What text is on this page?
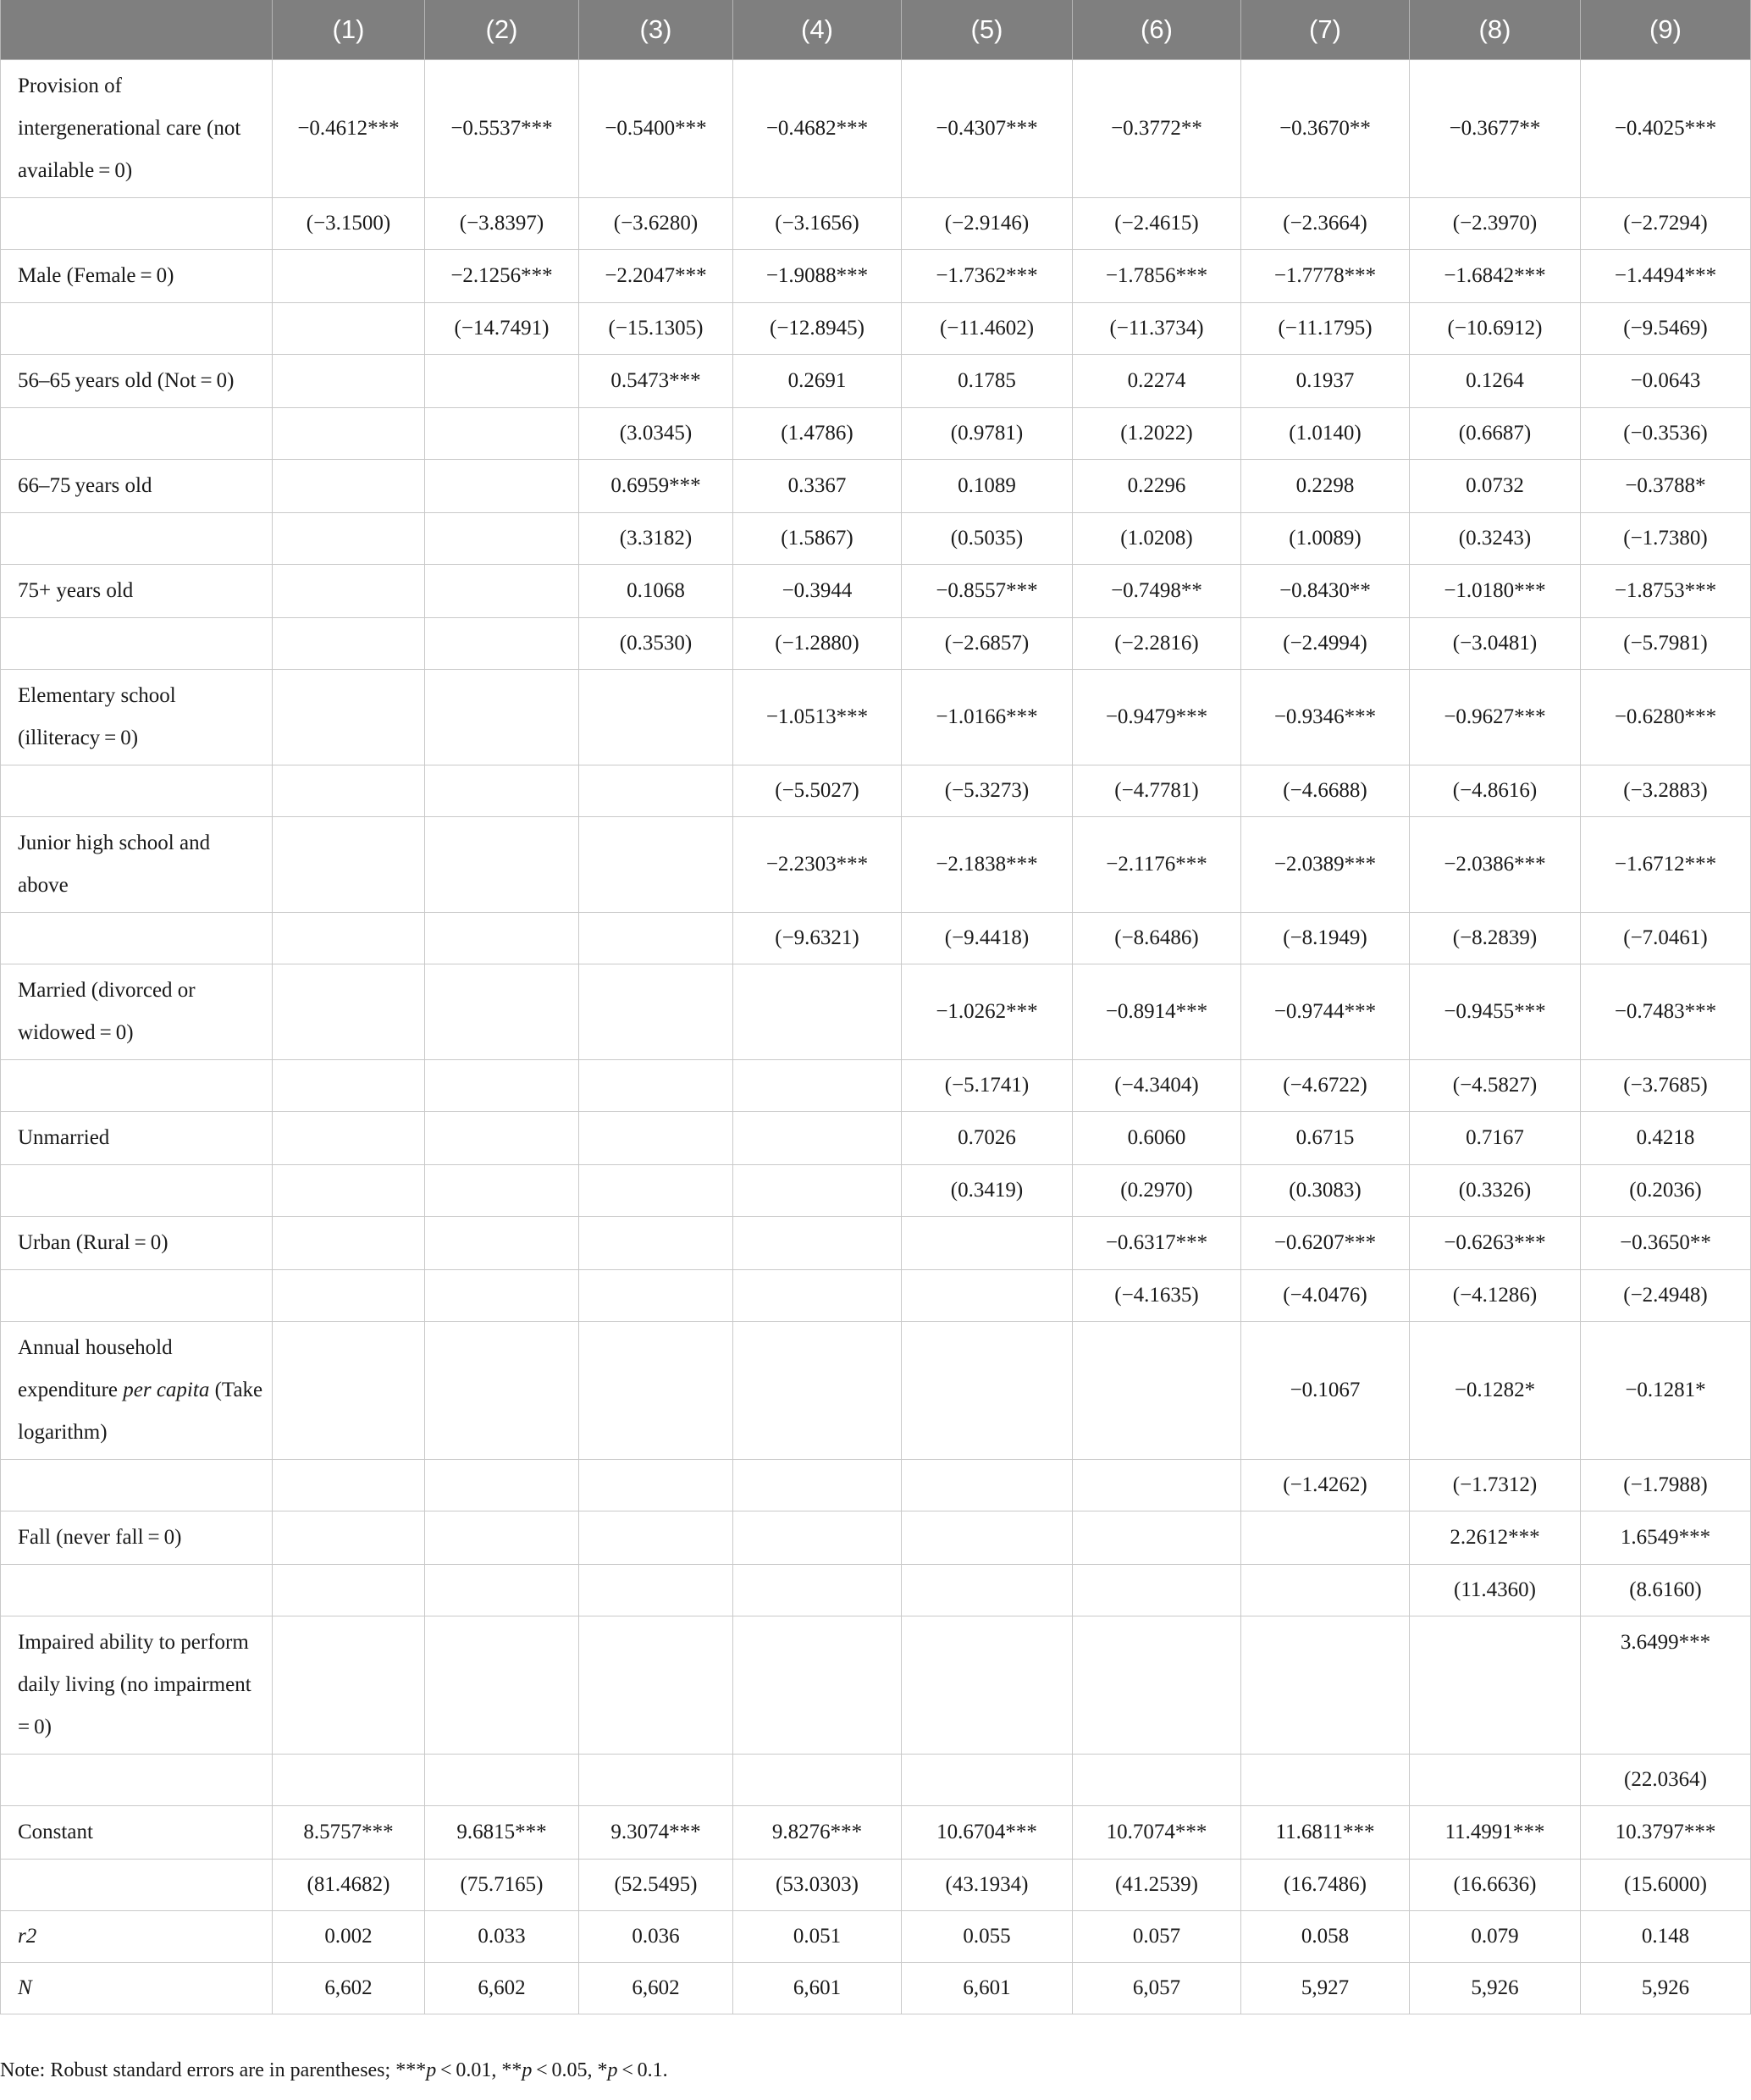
	(1)	(2)	(3)	(4)	(5)	(6)	(7)	(8)	(9)
Provision of intergenerational care (not available = 0)	−0.4612***	−0.5537***	−0.5400***	−0.4682***	−0.4307***	−0.3772**	−0.3670**	−0.3677**	−0.4025***
	(−3.1500)	(−3.8397)	(−3.6280)	(−3.1656)	(−2.9146)	(−2.4615)	(−2.3664)	(−2.3970)	(−2.7294)
Male (Female = 0)		−2.1256***	−2.2047***	−1.9088***	−1.7362***	−1.7856***	−1.7778***	−1.6842***	−1.4494***
		(−14.7491)	(−15.1305)	(−12.8945)	(−11.4602)	(−11.3734)	(−11.1795)	(−10.6912)	(−9.5469)
56–65 years old (Not = 0)			0.5473***	0.2691	0.1785	0.2274	0.1937	0.1264	−0.0643
			(3.0345)	(1.4786)	(0.9781)	(1.2022)	(1.0140)	(0.6687)	(−0.3536)
66–75 years old			0.6959***	0.3367	0.1089	0.2296	0.2298	0.0732	−0.3788*
			(3.3182)	(1.5867)	(0.5035)	(1.0208)	(1.0089)	(0.3243)	(−1.7380)
75+ years old			0.1068	−0.3944	−0.8557***	−0.7498**	−0.8430**	−1.0180***	−1.8753***
			(0.3530)	(−1.2880)	(−2.6857)	(−2.2816)	(−2.4994)	(−3.0481)	(−5.7981)
Elementary school (illiteracy = 0)				−1.0513***	−1.0166***	−0.9479***	−0.9346***	−0.9627***	−0.6280***
				(−5.5027)	(−5.3273)	(−4.7781)	(−4.6688)	(−4.8616)	(−3.2883)
Junior high school and above				−2.2303***	−2.1838***	−2.1176***	−2.0389***	−2.0386***	−1.6712***
				(−9.6321)	(−9.4418)	(−8.6486)	(−8.1949)	(−8.2839)	(−7.0461)
Married (divorced or widowed = 0)					−1.0262***	−0.8914***	−0.9744***	−0.9455***	−0.7483***
					(−5.1741)	(−4.3404)	(−4.6722)	(−4.5827)	(−3.7685)
Unmarried					0.7026	0.6060	0.6715	0.7167	0.4218
					(0.3419)	(0.2970)	(0.3083)	(0.3326)	(0.2036)
Urban (Rural = 0)						−0.6317***	−0.6207***	−0.6263***	−0.3650**
						(−4.1635)	(−4.0476)	(−4.1286)	(−2.4948)
Annual household expenditure per capita (Take logarithm)							−0.1067	−0.1282*	−0.1281*
							(−1.4262)	(−1.7312)	(−1.7988)
Fall (never fall = 0)								2.2612***	1.6549***
								(11.4360)	(8.6160)
Impaired ability to perform daily living (no impairment = 0)									3.6499***
									(22.0364)
Constant	8.5757***	9.6815***	9.3074***	9.8276***	10.6704***	10.7074***	11.6811***	11.4991***	10.3797***
	(81.4682)	(75.7165)	(52.5495)	(53.0303)	(43.1934)	(41.2539)	(16.7486)	(16.6636)	(15.6000)
r2	0.002	0.033	0.036	0.051	0.055	0.057	0.058	0.079	0.148
N	6,602	6,602	6,602	6,601	6,601	6,057	5,927	5,926	5,926
Note: Robust standard errors are in parentheses; ***p < 0.01, **p < 0.05, *p < 0.1.
